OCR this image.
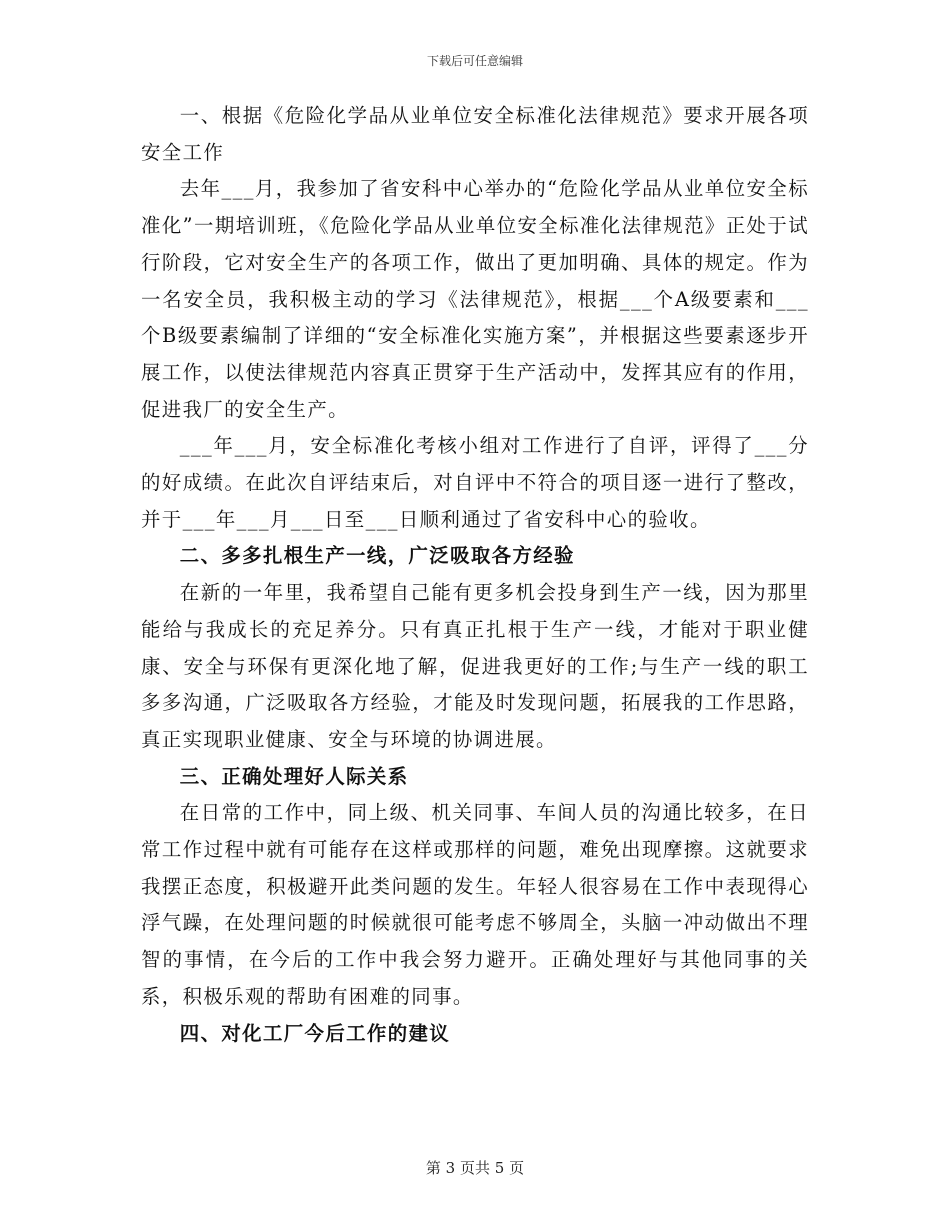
下载后可任意编辑

一、根据《危险化学品从业单位安全标准化法律规范》要求开展各项安全工作

去年___月，我参加了省安科中心举办的“危险化学品从业单位安全标准化”一期培训班，《危险化学品从业单位安全标准化法律规范》正处于试行阶段，它对安全生产的各项工作，做出了更加明确、具体的规定。作为一名安全员，我积极主动的学习《法律规范》，根据___个A级要素和___个B级要素编制了详细的“安全标准化实施方案”，并根据这些要素逐步开展工作，以使法律规范内容真正贯穿于生产活动中，发挥其应有的作用，促进我厂的安全生产。

___年___月，安全标准化考核小组对工作进行了自评，评得了___分的好成绩。在此次自评结束后，对自评中不符合的项目逐一进行了整改，并于___年___月___日至___日顺利通过了省安科中心的验收。

二、多多扎根生产一线，广泛吸取各方经验

在新的一年里，我希望自己能有更多机会投身到生产一线，因为那里能给与我成长的充足养分。只有真正扎根于生产一线，才能对于职业健康、安全与环保有更深化地了解，促进我更好的工作;与生产一线的职工多多沟通，广泛吸取各方经验，才能及时发现问题，拓展我的工作思路，真正实现职业健康、安全与环境的协调进展。

三、正确处理好人际关系

在日常的工作中，同上级、机关同事、车间人员的沟通比较多，在日常工作过程中就有可能存在这样或那样的问题，难免出现摩擦。这就要求我摆正态度，积极避开此类问题的发生。年轻人很容易在工作中表现得心浮气躁，在处理问题的时候就很可能考虑不够周全，头脑一冲动做出不理智的事情，在今后的工作中我会努力避开。正确处理好与其他同事的关系，积极乐观的帮助有困难的同事。

四、对化工厂今后工作的建议

第 3 页共 5 页
